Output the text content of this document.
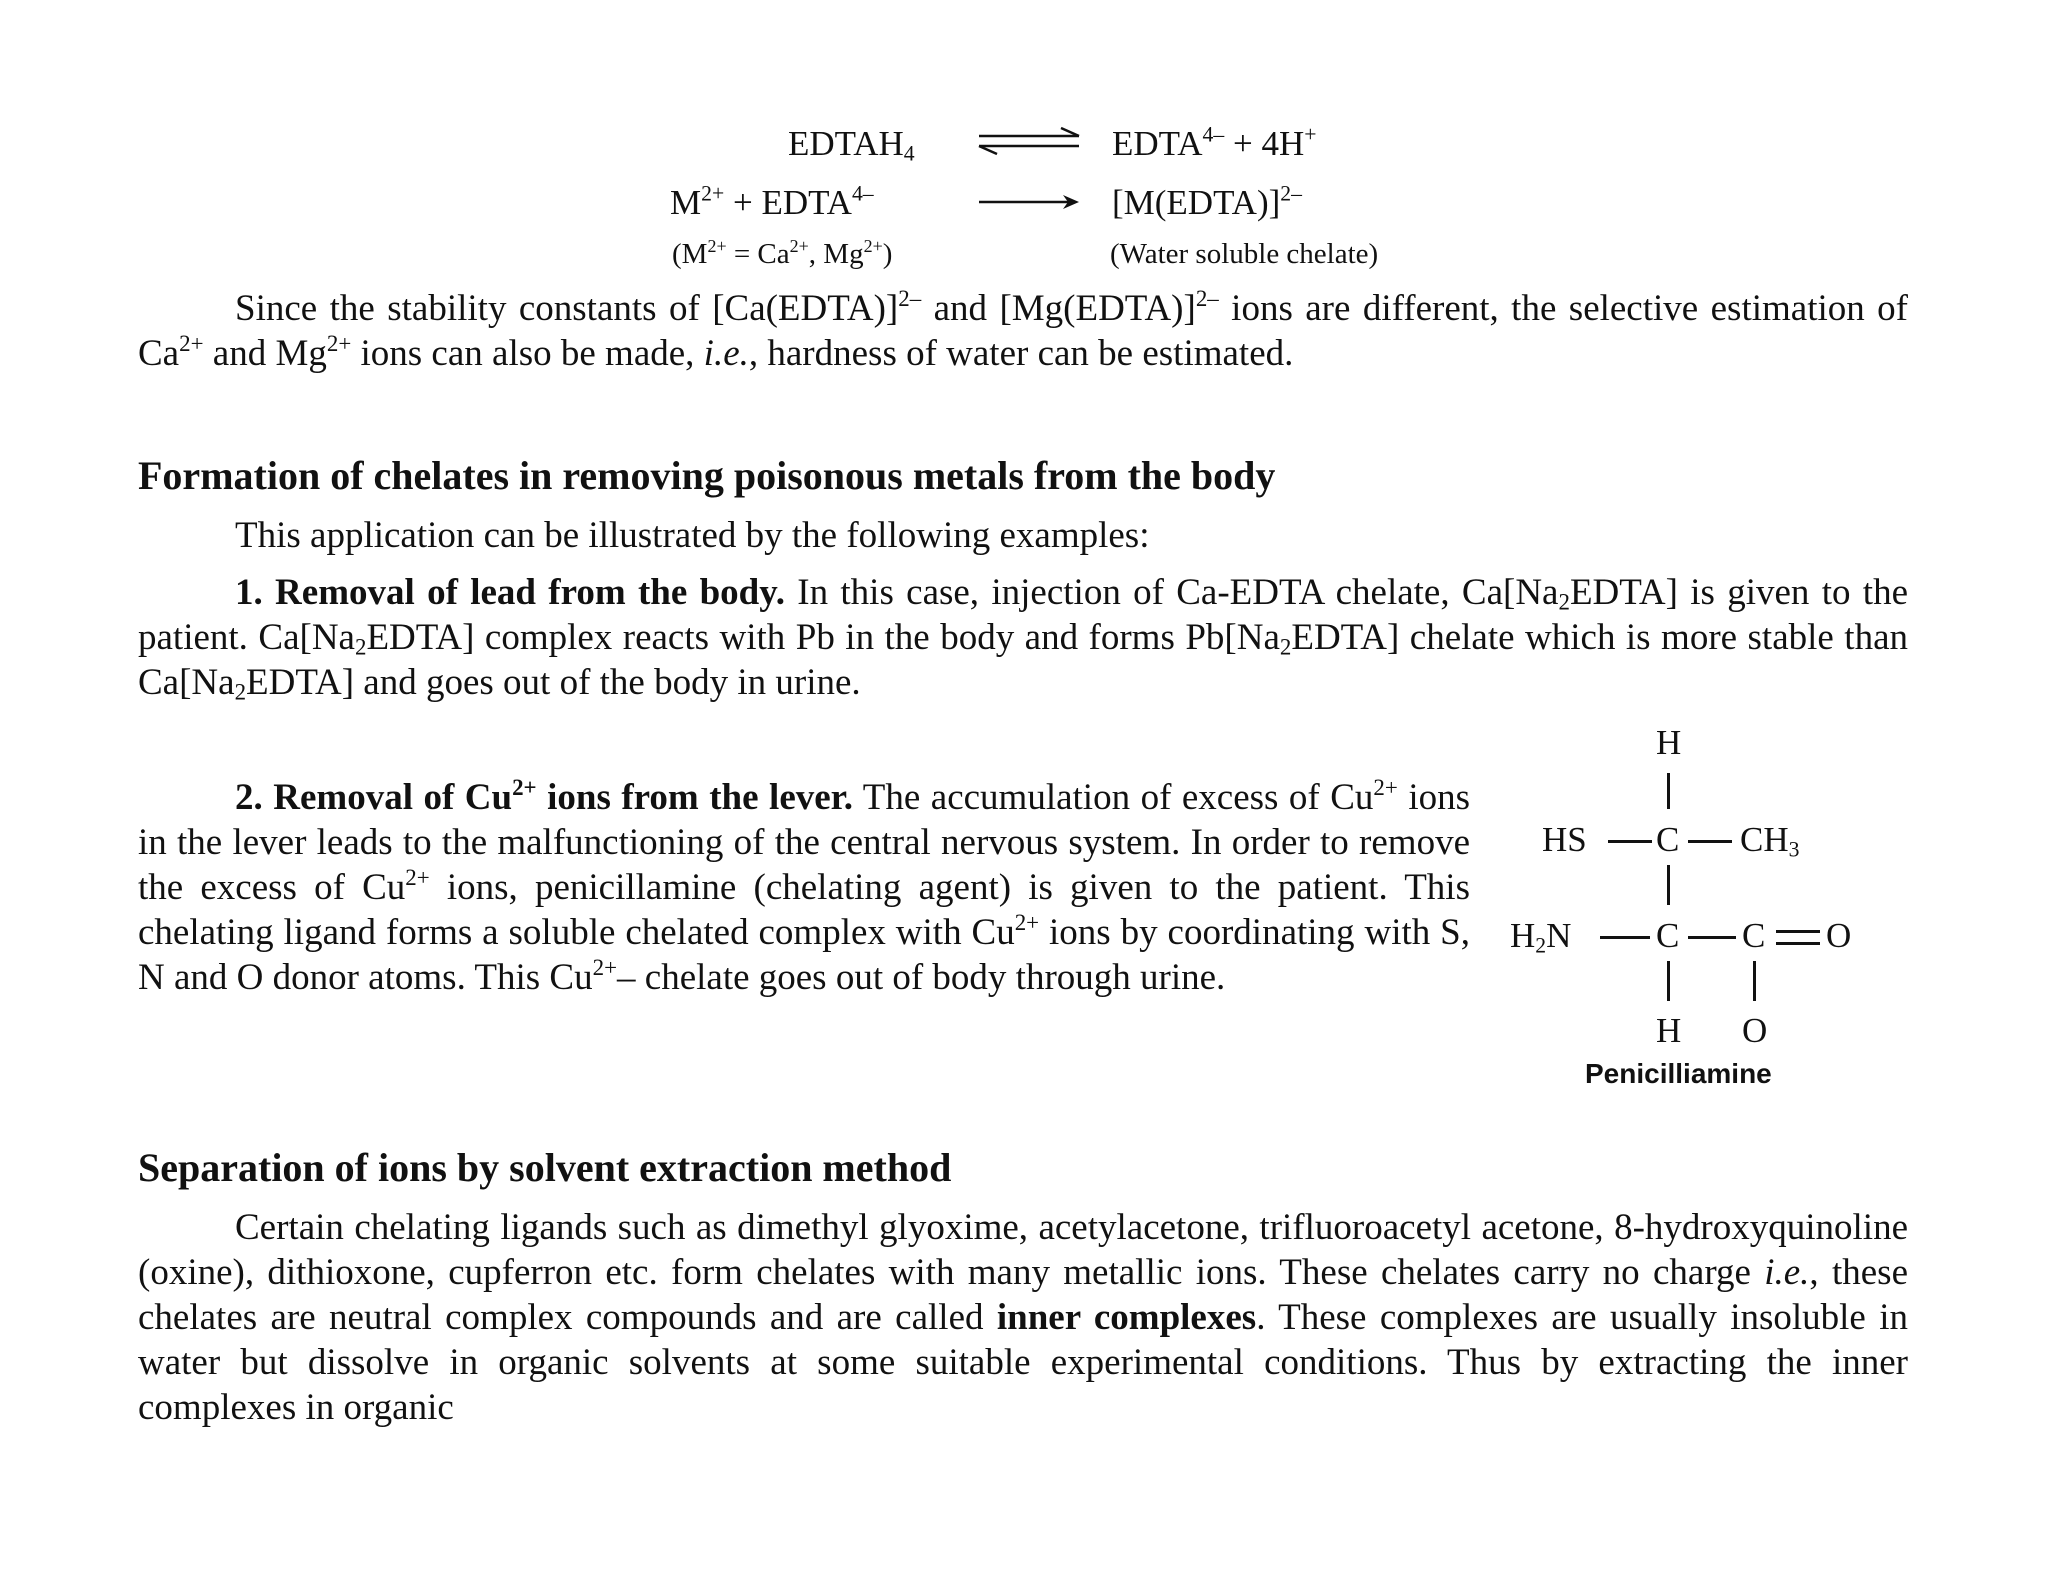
$EDTAH_4$	$EDTA^{4-} + 4H^+$
$M^{2+}$ + $EDTA^{4-}$	[M(EDTA)]$^{2-}$
($M^{2+} = Ca^{2+}$, $Mg^{2+}$)	(Water soluble chelate)

Since the stability constants of [Ca(EDTA)]$^{2-}$ and [Mg(EDTA)]$^{2-}$ ions are different, the selective estimation of $Ca^{2+}$ and $Mg^{2+}$ ions can also be made, i.e., hardness of water can be estimated.

Formation of chelates in removing poisonous metals from the body

This application can be illustrated by the following examples:

1. Removal of lead from the body. In this case, injection of Ca-EDTA chelate, $Ca[Na_2EDTA]$ is given to the patient. $Ca[Na_2EDTA]$ complex reacts with Pb in the body and forms $Pb[Na_2EDTA]$ chelate which is more stable than $Ca[Na_2EDTA]$ and goes out of the body in urine.

2. Removal of $Cu^{2+}$ ions from the lever. The accumulation of excess of $Cu^{2+}$ ions in the lever leads to the malfunctioning of the central nervous system. In order to remove the excess of $Cu^{2+}$ ions, penicillamine (chelating agent) is given to the patient. This chelating ligand forms a soluble chelated complex with $Cu^{2+}$ ions by coordinating with S, N and O donor atoms. This $Cu^{2+}-$ chelate goes out of body through urine.

H
HS C $CH_3$
$H_2N$ C C O
H O
Penicilliamine
Separation of ions by solvent extraction method

Certain chelating ligands such as dimethyl glyoxime, acetylacetone, trifluoroacetyl acetone, 8-hydroxyquinoline (oxine), dithioxone, cupferron etc. form chelates with many metallic ions. These chelates carry no charge i.e., these chelates are neutral complex compounds and are called inner complexes. These complexes are usually insoluble in water but dissolve in organic solvents at some suitable experimental conditions. Thus by extracting the inner complexes in organic
